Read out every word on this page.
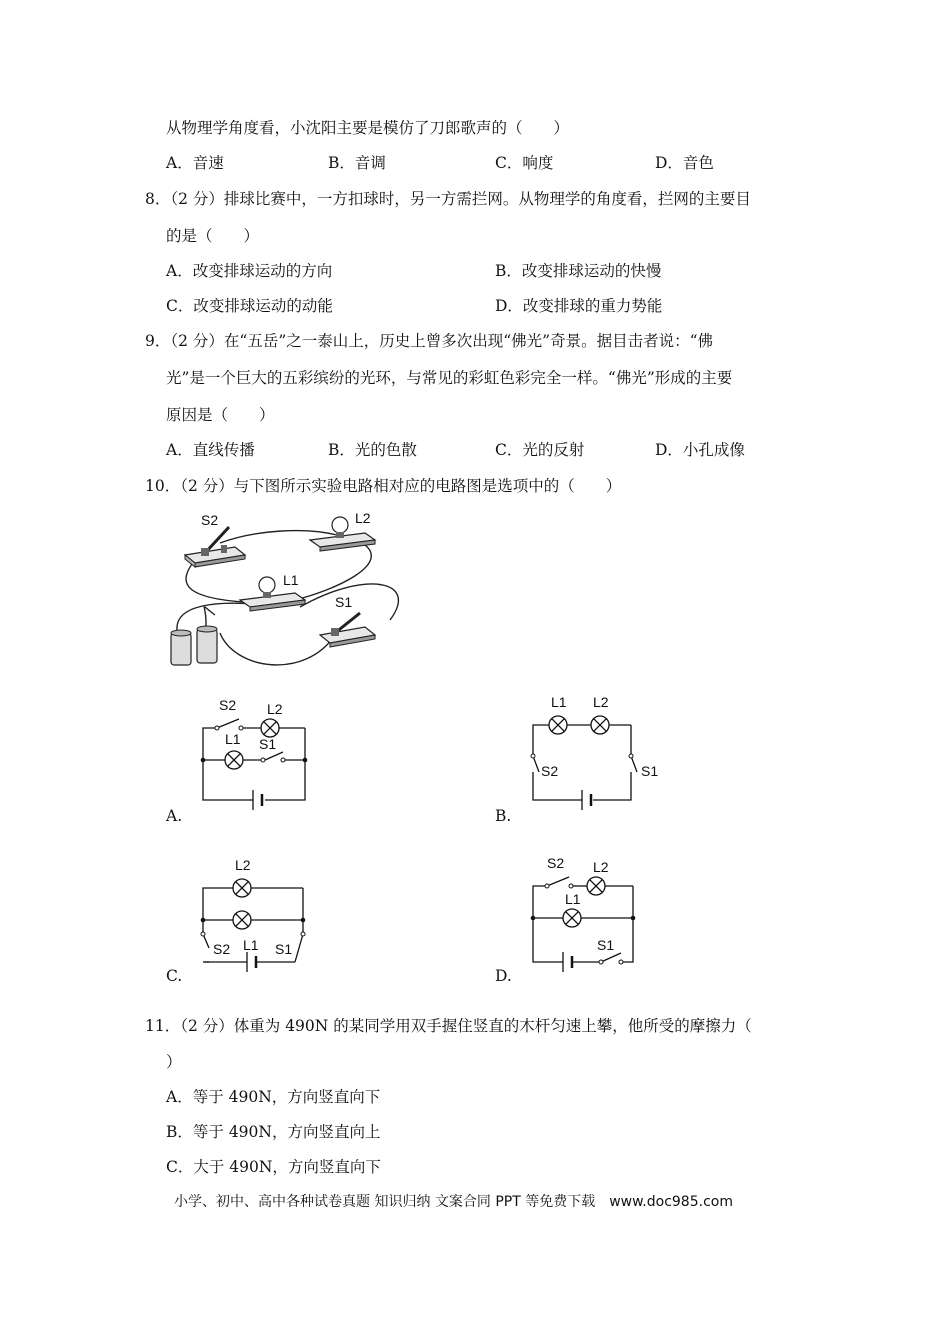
从物理学角度看，小沈阳主要是模仿了刀郎歌声的（　　）
A．音速	B．音调	C．响度	D．音色
8．（2 分）排球比赛中，一方扣球时，另一方需拦网。从物理学的角度看，拦网的主要目
的是（　　）
A．改变排球运动的方向	B．改变排球运动的快慢
C．改变排球运动的动能	D．改变排球的重力势能
9．（2 分）在“五岳”之一泰山上，历史上曾多次出现“佛光”奇景。据目击者说：“佛
光”是一个巨大的五彩缤纷的光环，与常见的彩虹色彩完全一样。“佛光”形成的主要
原因是（　　）
A．直线传播	B．光的色散	C．光的反射	D．小孔成像
10．（2 分）与下图所示实验电路相对应的电路图是选项中的（　　）
S2	L2
L1
S1
S2 L2
L1 S1
A.
L1 L2
S2	S1
B.
L2
S2 L1 S1
C.
S2 L2
L1
S1
D.
11．（2 分）体重为 490N 的某同学用双手握住竖直的木杆匀速上攀，他所受的摩擦力（
）
A．等于 490N，方向竖直向下
B．等于 490N，方向竖直向上
C．大于 490N，方向竖直向下
小学、初中、高中各种试卷真题 知识归纳 文案合同 PPT 等免费下载　www.doc985.com
